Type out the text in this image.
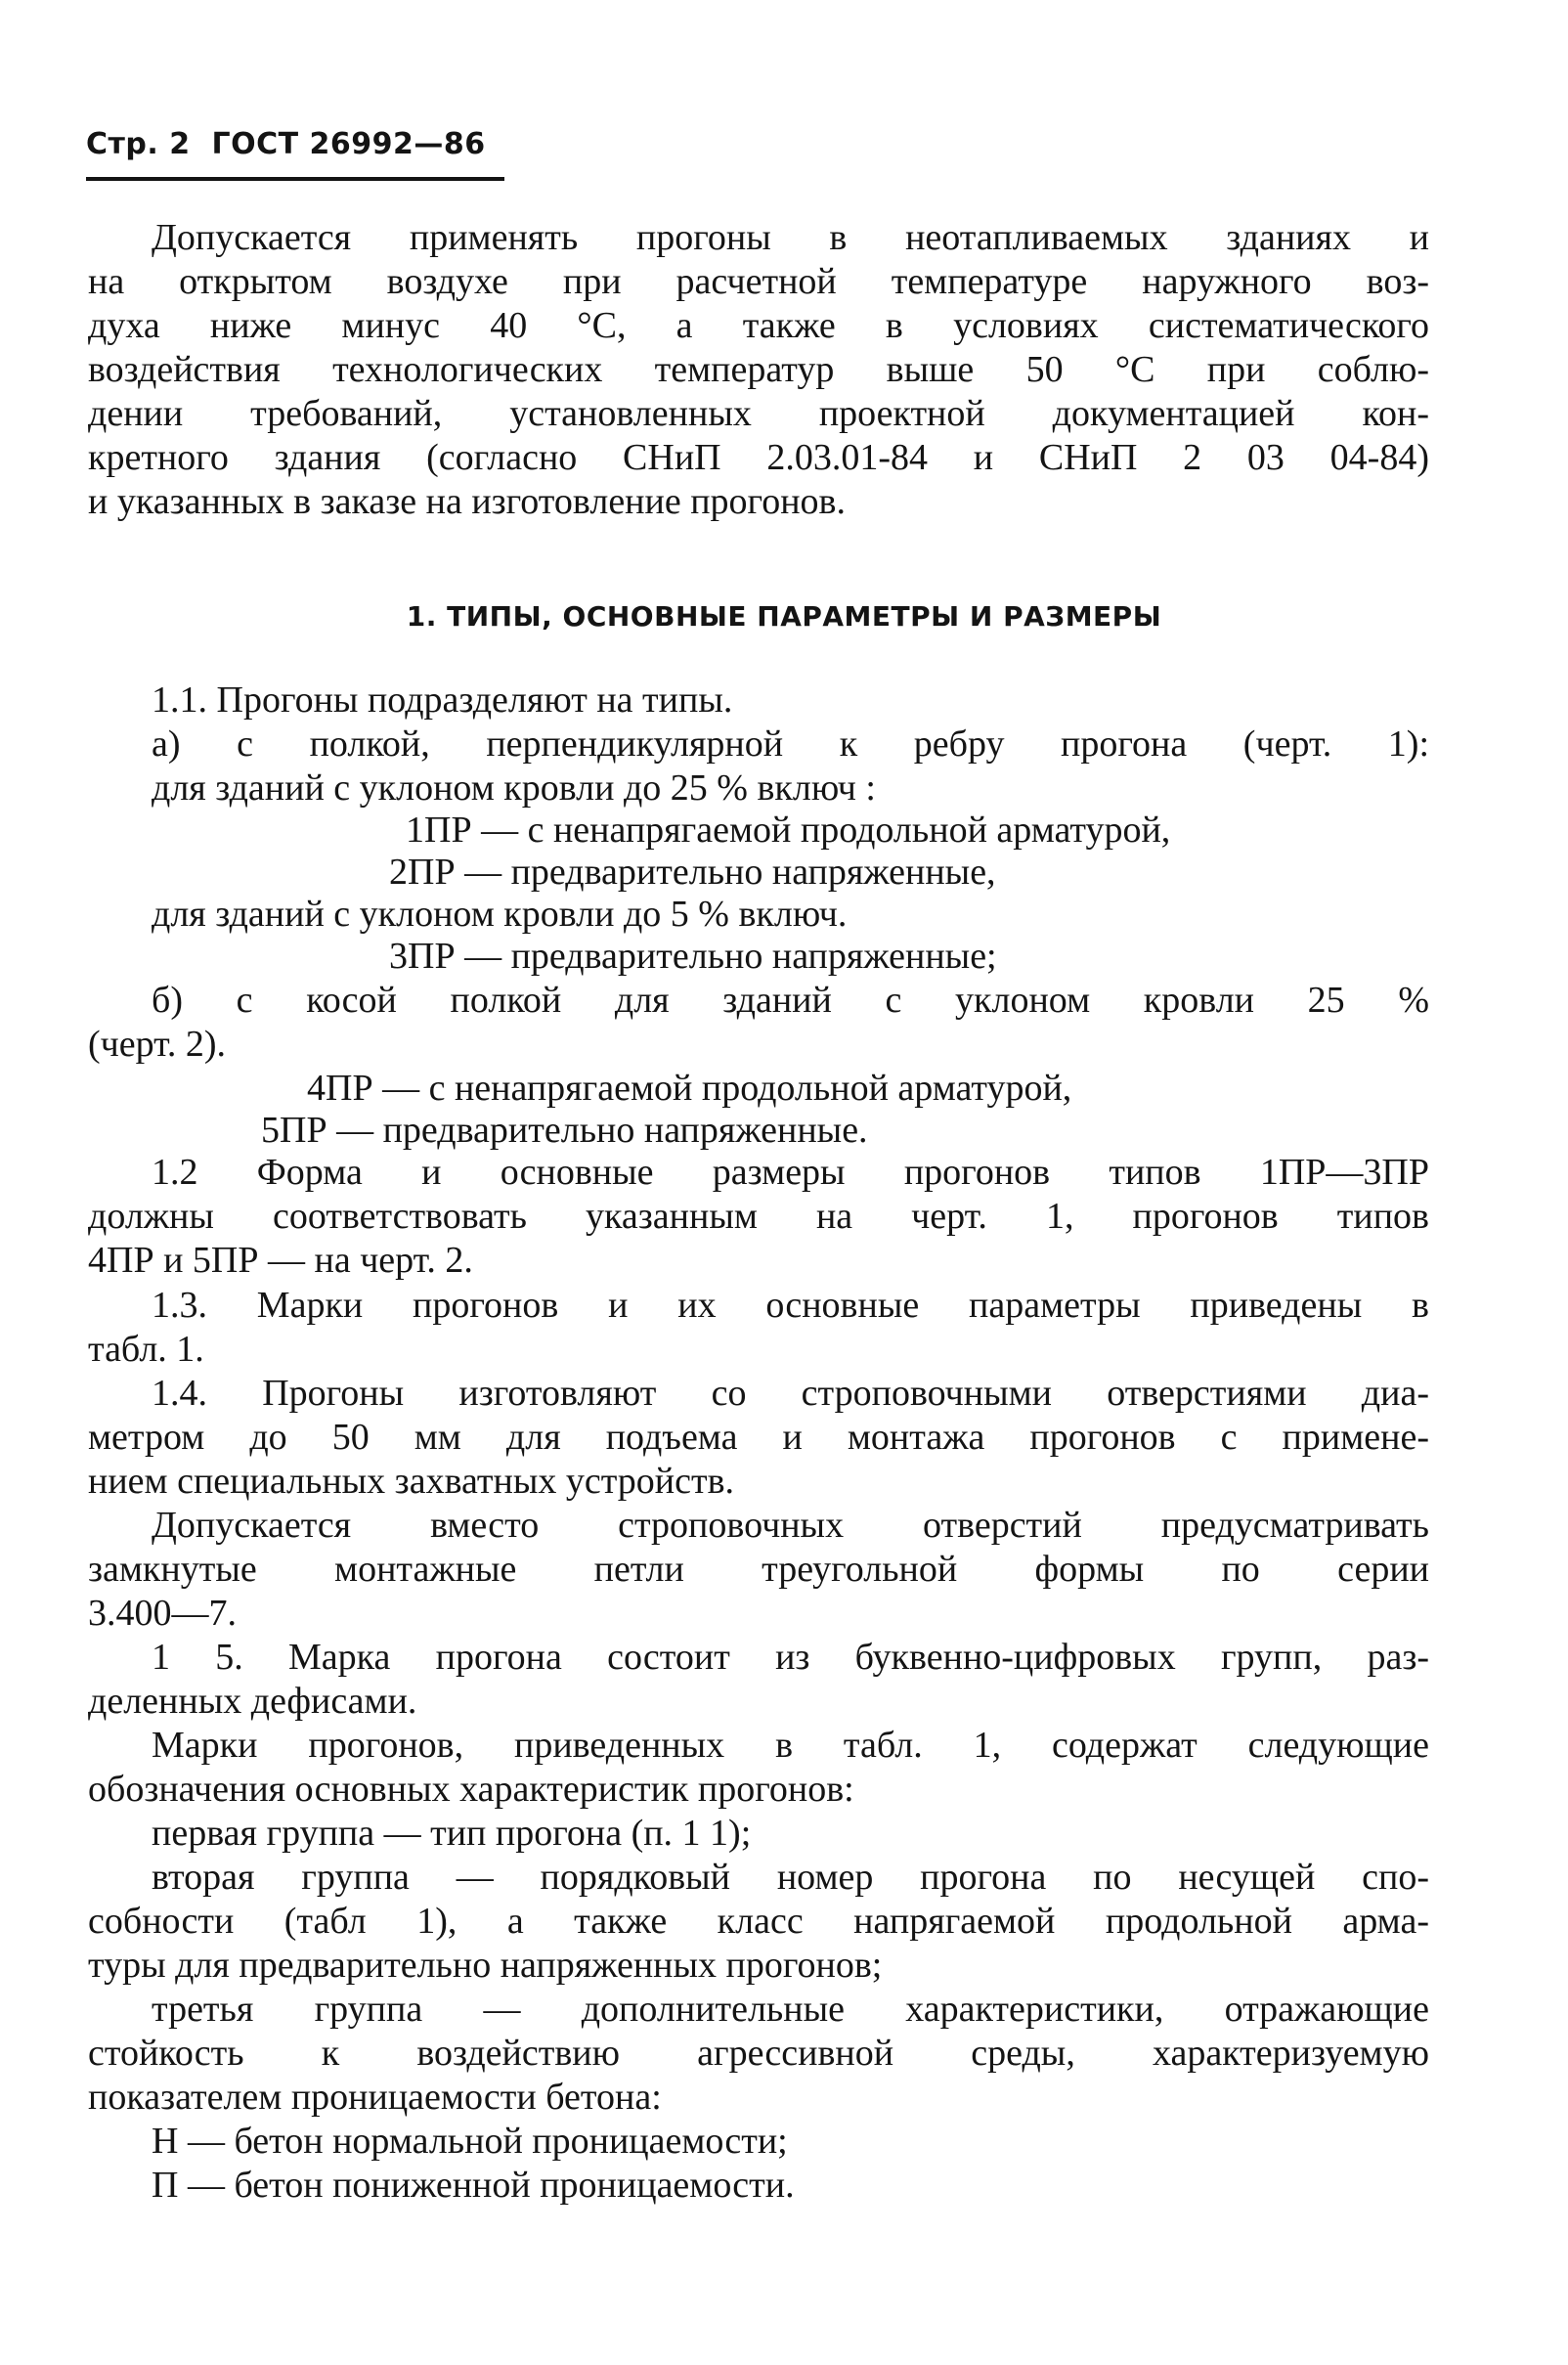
Стр. 2 ГОСТ 26992—86
Допускается применять прогоны в неотапливаемых зданиях и
на открытом воздухе при расчетной температуре наружного воз-
духа ниже минус 40 °С, а также в условиях систематического
воздействия технологических температур выше 50 °С при соблю-
дении требований, установленных проектной документацией кон-
кретного здания (согласно СНиП 2.03.01-84 и СНиП 2 03 04-84)
и указанных в заказе на изготовление прогонов.
1. ТИПЫ, ОСНОВНЫЕ ПАРАМЕТРЫ И РАЗМЕРЫ
1.1. Прогоны подразделяют на типы.
а) с полкой, перпендикулярной к ребру прогона (черт. 1):
для зданий с уклоном кровли до 25 % включ :
1ПР — с ненапрягаемой продольной арматурой,
2ПР — предварительно напряженные,
для зданий с уклоном кровли до 5 % включ.
3ПР — предварительно напряженные;
б) с косой полкой для зданий с уклоном кровли 25 %
(черт. 2).
4ПР — с ненапрягаемой продольной арматурой,
5ПР — предварительно напряженные.
1.2 Форма и основные размеры прогонов типов 1ПР—3ПР
должны соответствовать указанным на черт. 1, прогонов типов
4ПР и 5ПР — на черт. 2.
1.3. Марки прогонов и их основные параметры приведены в
табл. 1.
1.4. Прогоны изготовляют со строповочными отверстиями диа-
метром до 50 мм для подъема и монтажа прогонов с примене-
нием специальных захватных устройств.
Допускается вместо строповочных отверстий предусматривать
замкнутые монтажные петли треугольной формы по серии
3.400—7.
1 5. Марка прогона состоит из буквенно-цифровых групп, раз-
деленных дефисами.
Марки прогонов, приведенных в табл. 1, содержат следующие
обозначения основных характеристик прогонов:
первая группа — тип прогона (п. 1 1);
вторая группа — порядковый номер прогона по несущей спо-
собности (табл 1), а также класс напрягаемой продольной арма-
туры для предварительно напряженных прогонов;
третья группа — дополнительные характеристики, отражающие
стойкость к воздействию агрессивной среды, характеризуемую
показателем проницаемости бетона:
Н — бетон нормальной проницаемости;
П — бетон пониженной проницаемости.
